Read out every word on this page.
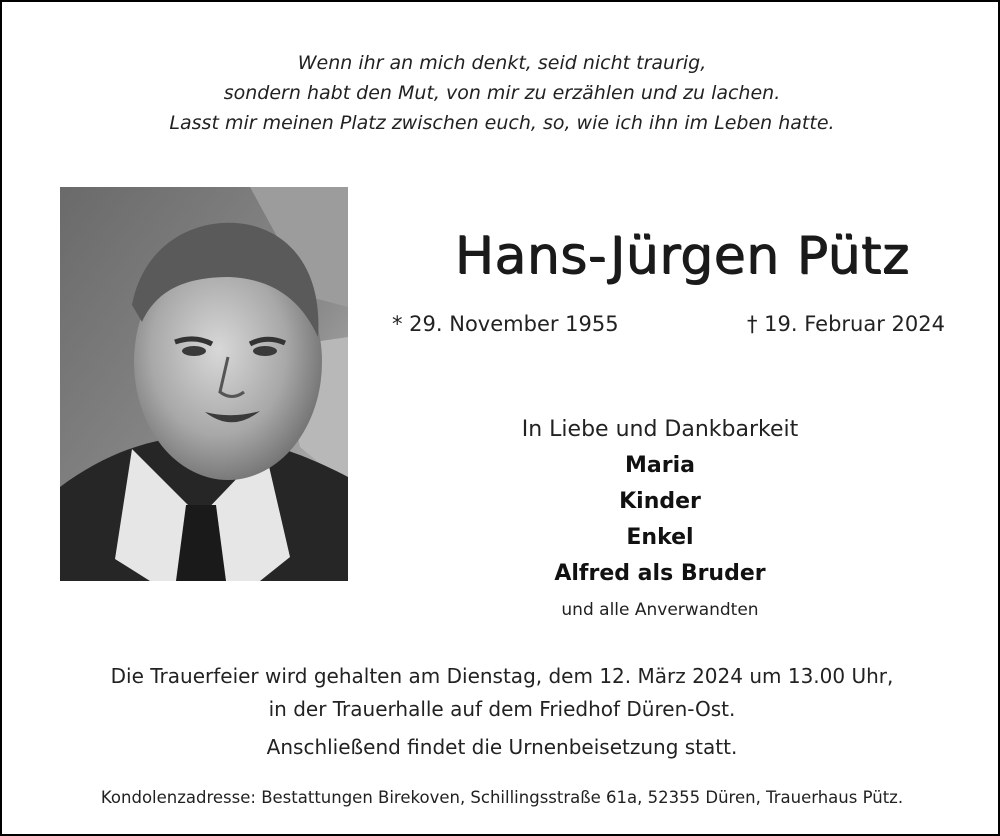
Wenn ihr an mich denkt, seid nicht traurig,
sondern habt den Mut, von mir zu erzählen und zu lachen.
Lasst mir meinen Platz zwischen euch, so, wie ich ihn im Leben hatte.
Hans-Jürgen Pütz
* 29. November 1955	† 19. Februar 2024
In Liebe und Dankbarkeit
Maria
Kinder
Enkel
Alfred als Bruder
und alle Anverwandten
Die Trauerfeier wird gehalten am Dienstag, dem 12. März 2024 um 13.00 Uhr,
in der Trauerhalle auf dem Friedhof Düren-Ost.
Anschließend findet die Urnenbeisetzung statt.
Kondolenzadresse: Bestattungen Birekoven, Schillingsstraße 61a, 52355 Düren, Trauerhaus Pütz.
